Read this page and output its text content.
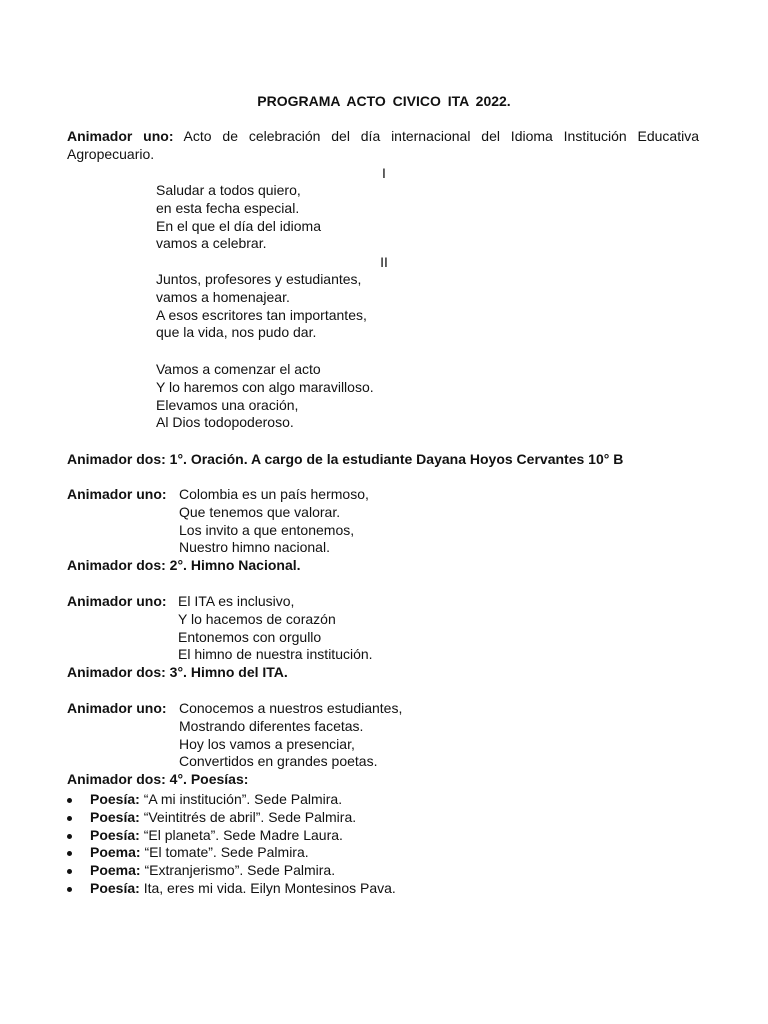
PROGRAMA ACTO CIVICO ITA 2022.
Animador uno: Acto de celebración del día internacional del Idioma Institución Educativa Agropecuario.
I
Saludar a todos quiero,
en esta fecha especial.
En el que el día del idioma
vamos a celebrar.
II
Juntos, profesores y estudiantes,
vamos a homenajear.
A esos escritores tan importantes,
que la vida, nos pudo dar.
Vamos a comenzar el acto
Y lo haremos con algo maravilloso.
Elevamos una oración,
Al Dios todopoderoso.
Animador dos: 1°. Oración. A cargo de la estudiante Dayana Hoyos Cervantes 10° B
Animador uno: Colombia es un país hermoso,
Que tenemos que valorar.
Los invito a que entonemos,
Nuestro himno nacional.
Animador dos: 2°. Himno Nacional.
Animador uno: El ITA es inclusivo,
Y lo hacemos de corazón
Entonemos con orgullo
El himno de nuestra institución.
Animador dos: 3°. Himno del ITA.
Animador uno: Conocemos a nuestros estudiantes,
Mostrando diferentes facetas.
Hoy los vamos a presenciar,
Convertidos en grandes poetas.
Animador dos: 4°. Poesías:
Poesía: “A mi institución”. Sede Palmira.
Poesía: “Veintitrés de abril”. Sede Palmira.
Poesía: “El planeta”. Sede Madre Laura.
Poema: “El tomate”. Sede Palmira.
Poema: “Extranjerismo”. Sede Palmira.
Poesía: Ita, eres mi vida. Eilyn Montesinos Pava.
